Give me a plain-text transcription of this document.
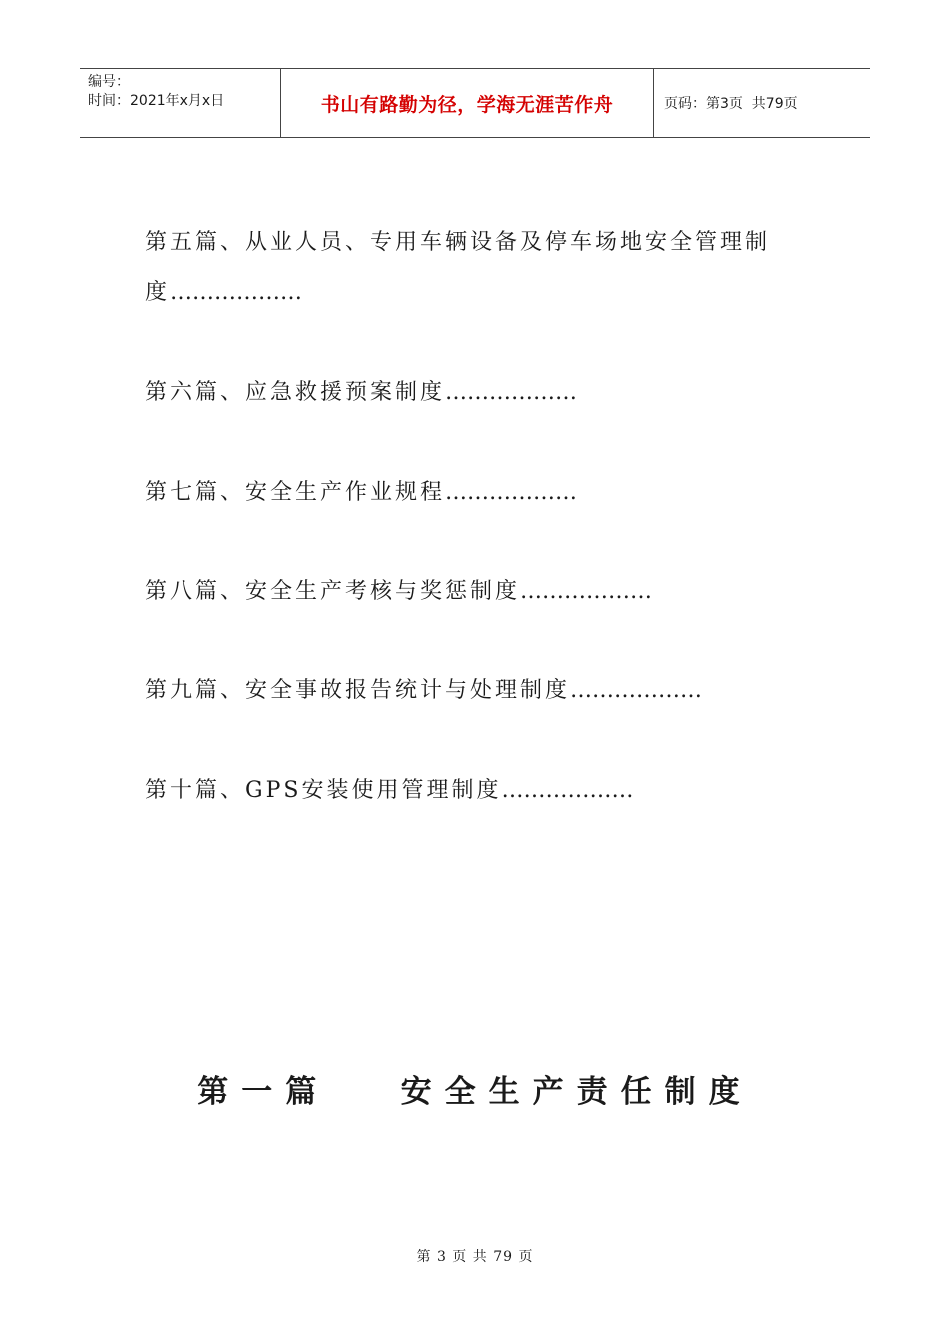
编号：
时间：2021年x月x日	书山有路勤为径，学海无涯苦作舟	页码：第3页  共79页
第五篇、从业人员、专用车辆设备及停车场地安全管理制
度………………
第六篇、应急救援预案制度………………
第七篇、安全生产作业规程………………
第八篇、安全生产考核与奖惩制度………………
第九篇、安全事故报告统计与处理制度………………
第十篇、GPS安装使用管理制度………………
第一篇   安全生产责任制度
第 3 页 共 79 页
